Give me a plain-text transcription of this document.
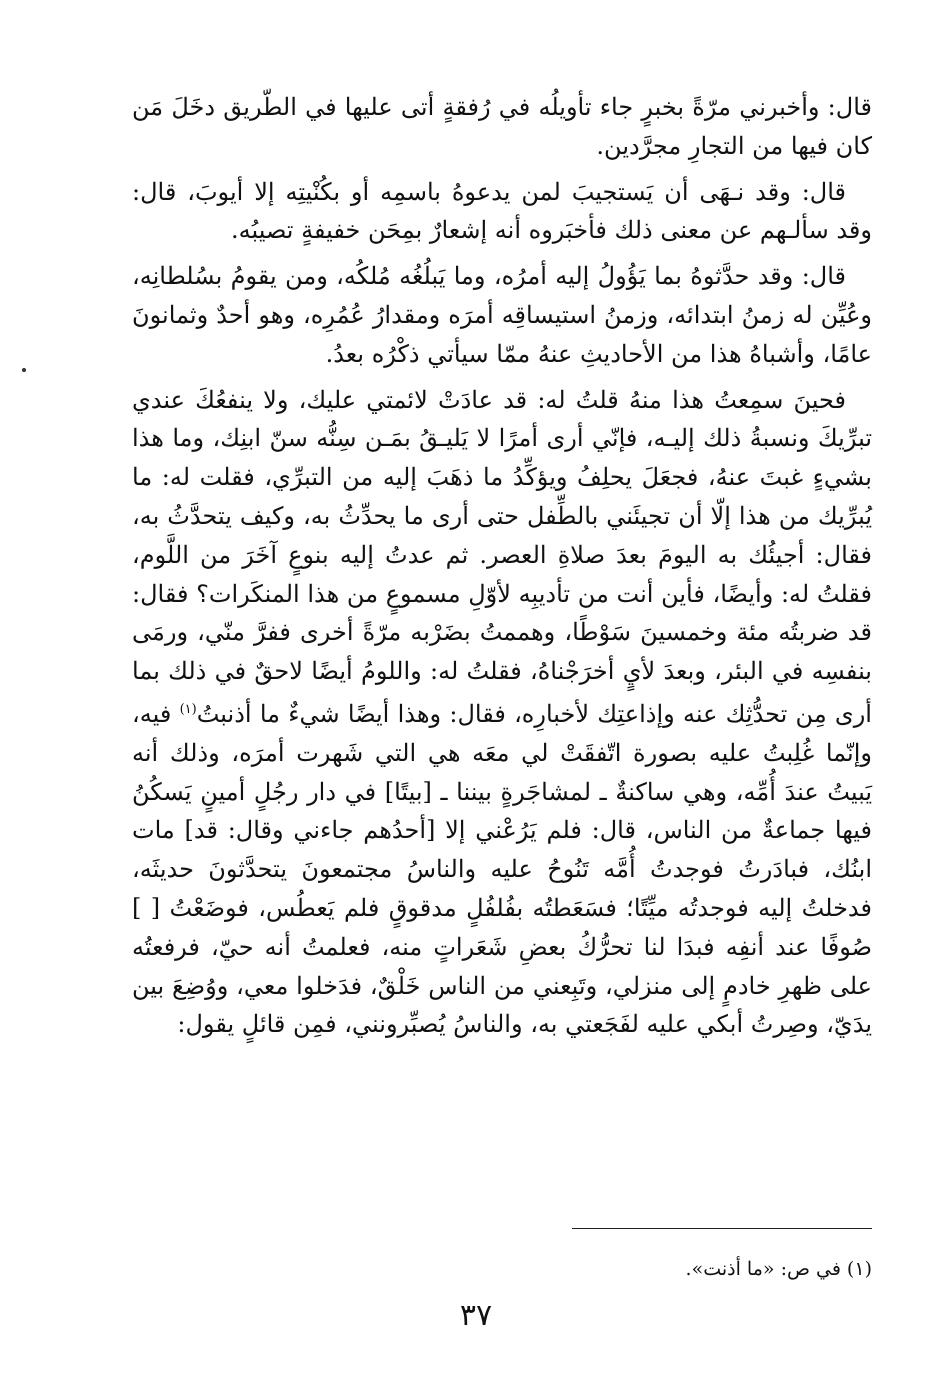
قال: وأخبرني مرّةً بخبرٍ جاء تأويلُه في رُفقةٍ أتى عليها في الطّريق دخَلَ مَن كان فيها من التجارِ مجرَّدين.

قال: وقد نـهَى أن يَستجيبَ لمن يدعوهُ باسمِه أو بكُنْيتِه إلا أيوبَ، قال: وقد سألـهم عن معنى ذلك فأخبَروه أنه إشعارٌ بمِحَن خفيفةٍ تصيبُه.

قال: وقد حدَّثوهُ بما يَؤُولُ إليه أمرُه، وما يَبلُغُه مُلكُه، ومن يقومُ بسُلطانِه، وعُيِّن له زمنُ ابتدائه، وزمنُ استيساقِه أمرَه ومقدارُ عُمُرِه، وهو أحدٌ وثمانونَ عامًا، وأشباهُ هذا من الأحاديثِ عنهُ ممّا سيأتي ذكْرُه بعدُ.

فحينَ سمِعتُ هذا منهُ قلتُ له: قد عادَتْ لائمتي عليك، ولا ينفعُكَ عندي تبرِّيكَ ونسبةُ ذلك إليـه، فإنّي أرى أمرًا لا يَليـقُ بمَـن سِنُّه سنّ ابنِك، وما هذا بشيءٍ غبتَ عنهُ، فجعَلَ يحلِفُ ويؤكِّدُ ما ذهَبَ إليه من التبرِّي، فقلت له: ما يُبرِّيك من هذا إلّا أن تجيئَني بالطِّفل حتى أرى ما يحدِّثُ به، وكيف يتحدَّثُ به، فقال: أجيئُك به اليومَ بعدَ صلاةِ العصر. ثم عدتُ إليه بنوعٍ آخَرَ من اللَّوم، فقلتُ له: وأيضًا، فأين أنت من تأديبِه لأوّلِ مسموعٍ من هذا المنكَرات؟ فقال: قد ضربتُه مئة وخمسينَ سَوْطًا، وهممتُ بضَرْبه مرّةً أخرى ففرَّ منّي، ورمَى بنفسِه في البئر، وبعدَ لأيٍ أخرَجْناهُ، فقلتُ له: واللومُ أيضًا لاحقٌ في ذلك بما أرى مِن تحدُّثِك عنه وإذاعتِك لأخبارِه، فقال: وهذا أيضًا شيءٌ ما أذنبتُ$^{(١)}$ فيه، وإنّما غُلِبتُ عليه بصورة اتّفقَتْ لي معَه هي التي شَهرت أمرَه، وذلك أنه يَبيتُ عندَ أُمِّه، وهي ساكنةٌ ـ لمشاجَرةٍ بيننا ـ [بيتًا] في دار رجُلٍ أمينٍ يَسكُنُ فيها جماعةٌ من الناس، قال: فلم يَرُعْني إلا [أحدُهم جاءني وقال: قد] مات ابنُك، فبادَرتُ فوجدتُ أُمَّه تَنُوحُ عليه والناسُ مجتمعونَ يتحدَّثونَ حديثَه، فدخلتُ إليه فوجدتُه ميِّتًا؛ فسَعَطتُه بفُلفُلٍ مدقوقٍ فلم يَعطُس، فوضَعْتُ [ ] صُوفًا عند أنفِه فبدَا لنا تحرُّكُ بعضِ شَعَراتٍ منه، فعلمتُ أنه حيّ، فرفعتُه على ظهرِ خادمٍ إلى منزلي، وتَبِعني من الناس خَلْقٌ، فدَخلوا معي، ووُضِعَ بين يدَيّ، وصِرتُ أبكي عليه لفَجَعتي به، والناسُ يُصبِّرونني، فمِن قائلٍ يقول:

(١) في ص: «ما أذنت».
٣٧
